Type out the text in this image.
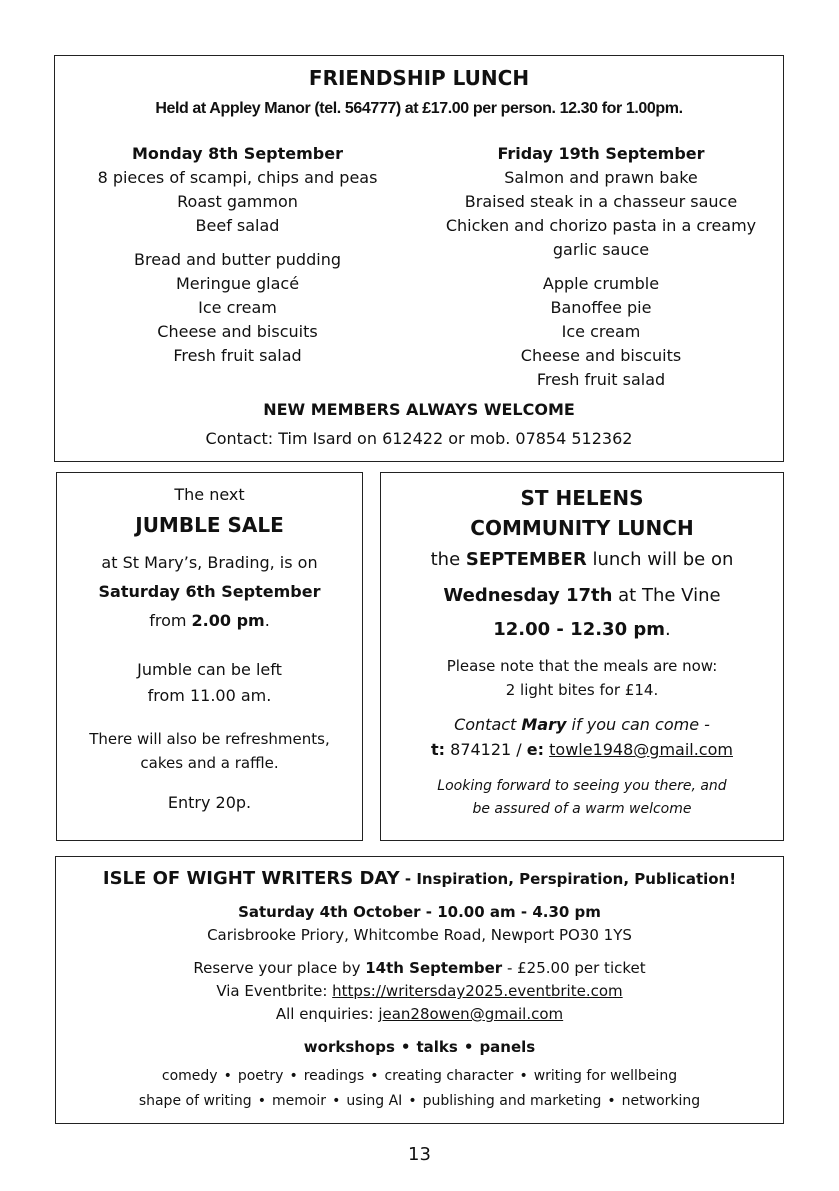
FRIENDSHIP LUNCH
Held at Appley Manor (tel. 564777) at £17.00 per person. 12.30 for 1.00pm.
Monday 8th September
8 pieces of scampi, chips and peas
Roast gammon
Beef salad
Bread and butter pudding
Meringue glacé
Ice cream
Cheese and biscuits
Fresh fruit salad
Friday 19th September
Salmon and prawn bake
Braised steak in a chasseur sauce
Chicken and chorizo pasta in a creamy
garlic sauce
Apple crumble
Banoffee pie
Ice cream
Cheese and biscuits
Fresh fruit salad
NEW MEMBERS ALWAYS WELCOME
Contact: Tim Isard on 612422 or mob. 07854 512362
The next
JUMBLE SALE
at St Mary’s, Brading, is on
Saturday 6th September
from 2.00 pm.
Jumble can be left
from 11.00 am.
There will also be refreshments,
cakes and a raffle.
Entry 20p.
ST HELENS
COMMUNITY LUNCH
the SEPTEMBER lunch will be on
Wednesday 17th at The Vine
12.00 - 12.30 pm.
Please note that the meals are now:
2 light bites for £14.
Contact Mary if you can come -
t: 874121 / e: towle1948@gmail.com
Looking forward to seeing you there, and
be assured of a warm welcome
ISLE OF WIGHT WRITERS DAY - Inspiration, Perspiration, Publication!
Saturday 4th October - 10.00 am - 4.30 pm
Carisbrooke Priory, Whitcombe Road, Newport PO30 1YS
Reserve your place by 14th September - £25.00 per ticket
Via Eventbrite: https://writersday2025.eventbrite.com
All enquiries: jean28owen@gmail.com
workshops • talks • panels
comedy • poetry • readings • creating character • writing for wellbeing
shape of writing • memoir • using AI • publishing and marketing • networking
13
